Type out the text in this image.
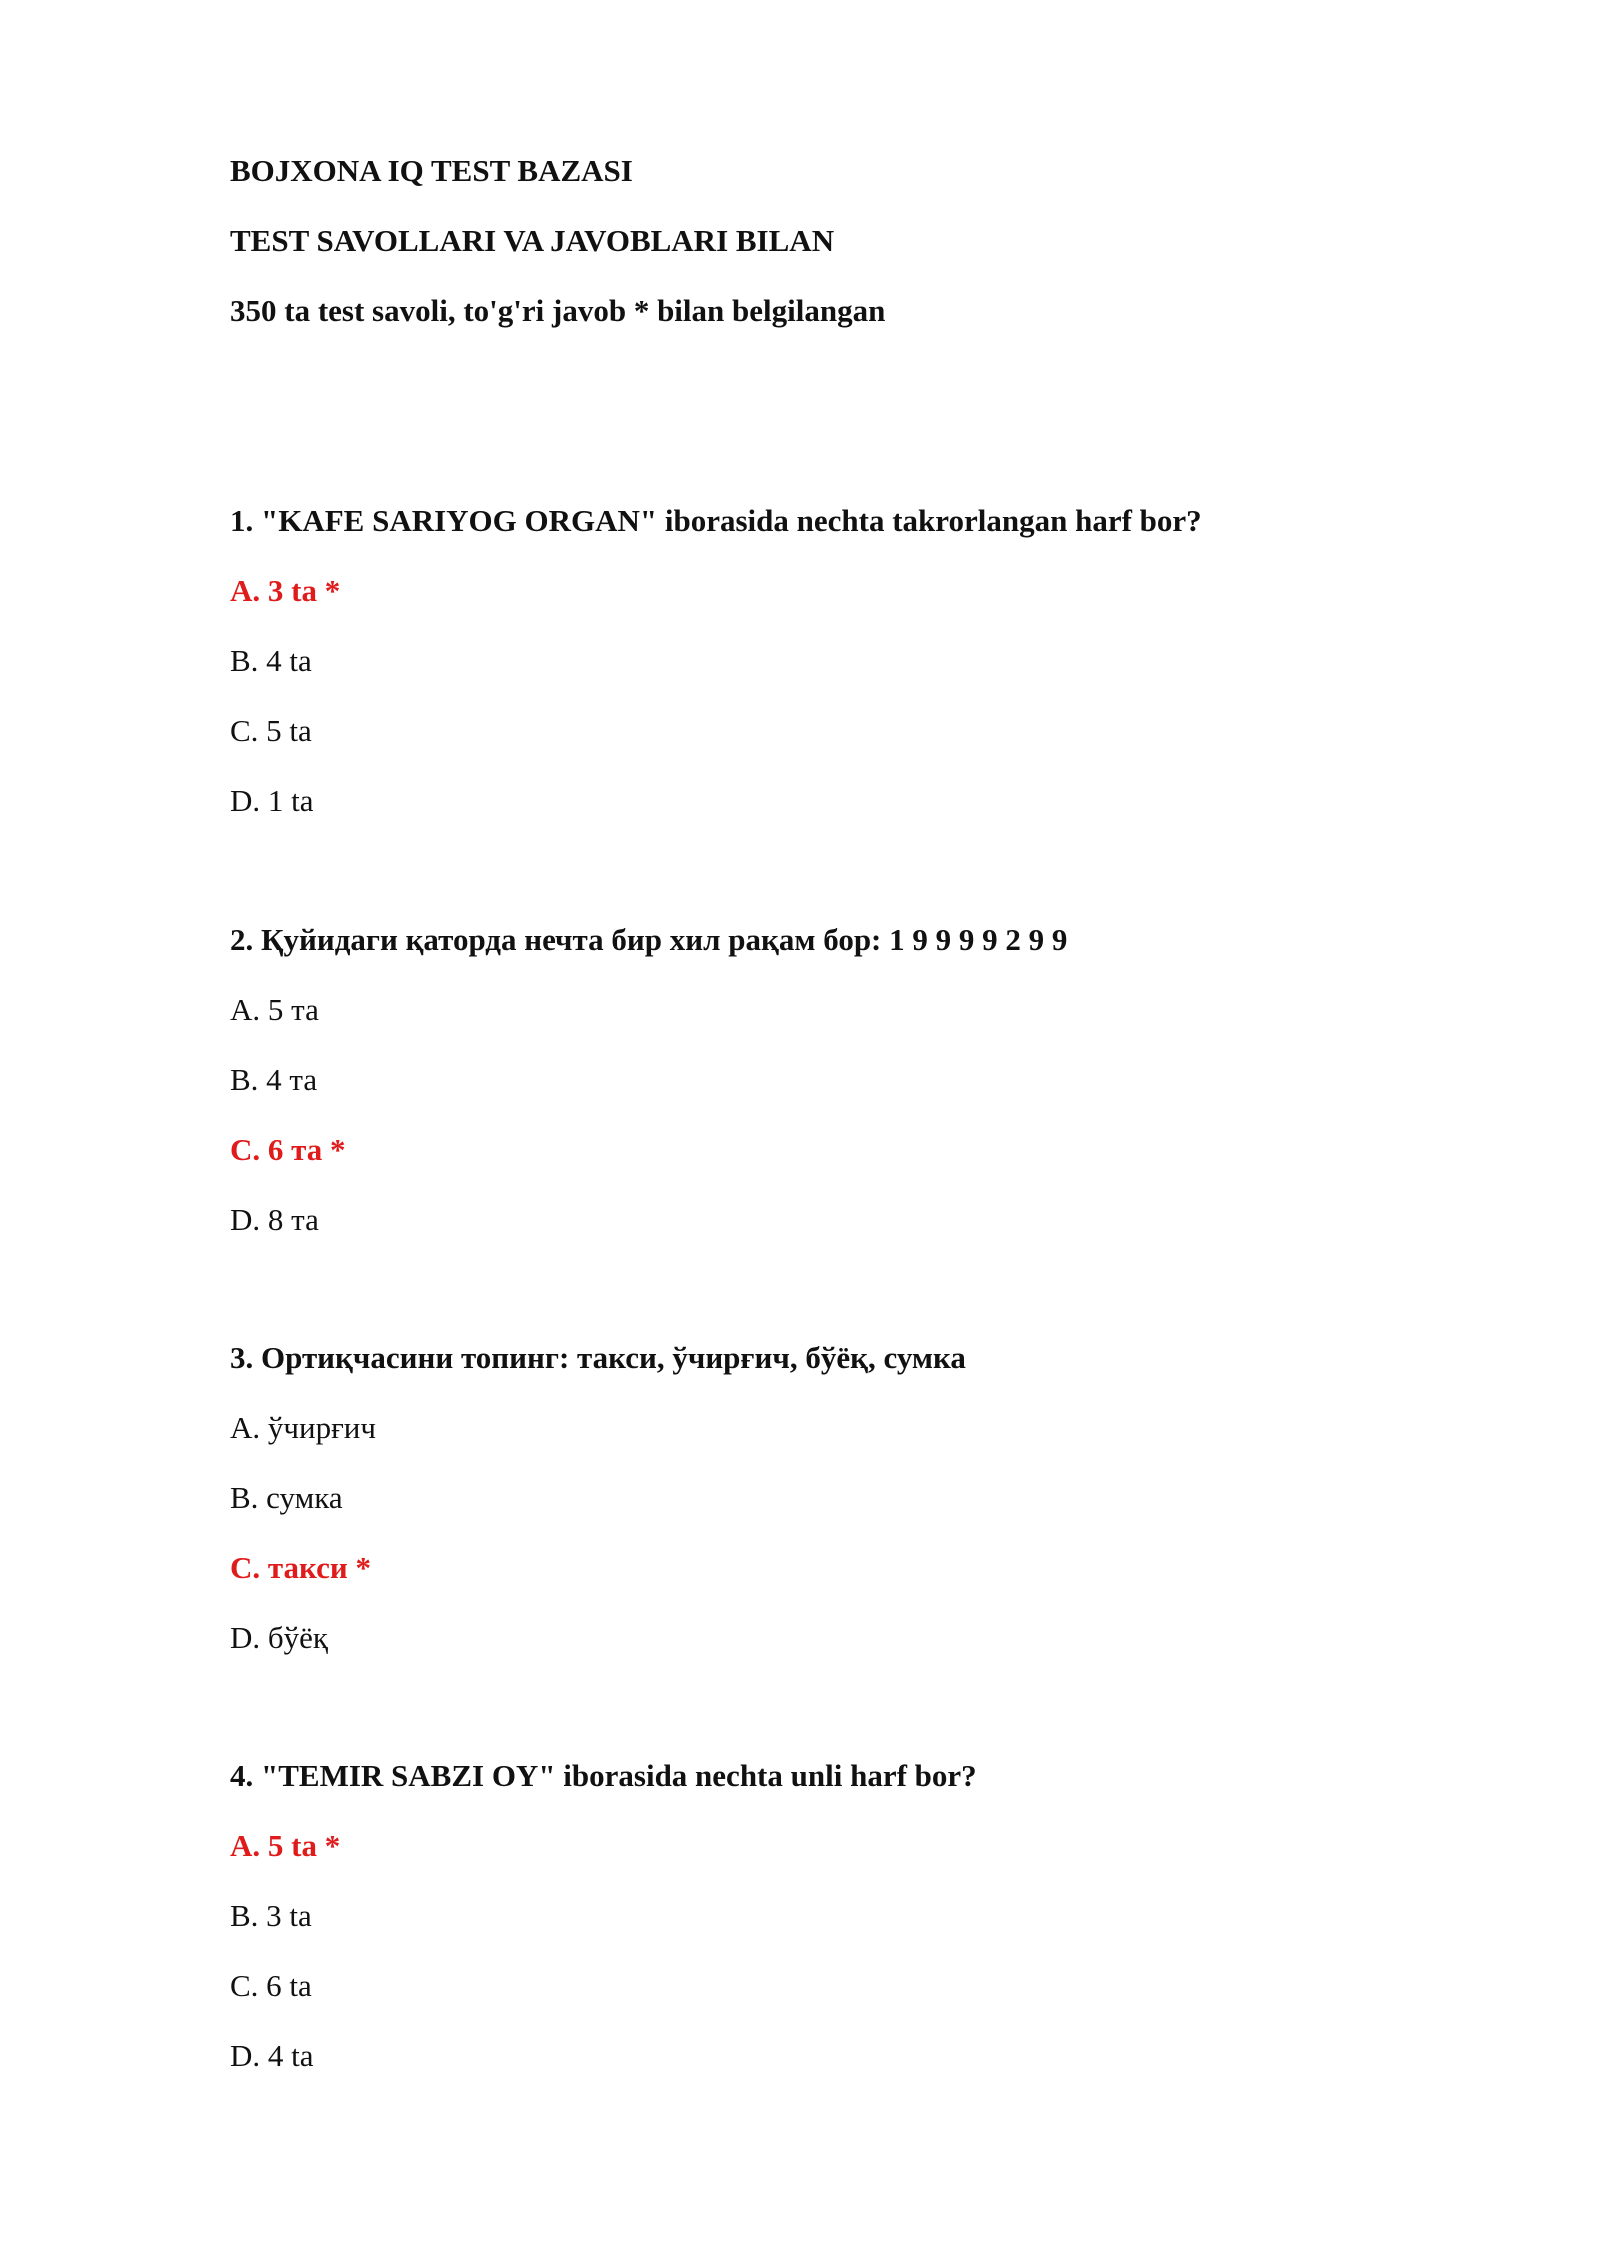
BOJXONA IQ TEST BAZASI
TEST SAVOLLARI VA JAVOBLARI BILAN
350 ta test savoli, to'g'ri javob * bilan belgilangan
1. "KAFE SARIYOG ORGAN" iborasida nechta takrorlangan harf bor?
A. 3 ta *
B. 4 ta
C. 5 ta
D. 1 ta
2. Қуйидаги қаторда нечта бир хил рақам бор: 1 9 9 9 9 2 9 9
A. 5 та
B. 4 та
C. 6 та *
D. 8 та
3. Ортиқчасини топинг: такси, ўчирғич, бўёқ, сумка
A. ўчирғич
B. сумка
C. такси *
D. бўёқ
4. "TEMIR SABZI OY" iborasida nechta unli harf bor?
A. 5 ta *
B. 3 ta
C. 6 ta
D. 4 ta
